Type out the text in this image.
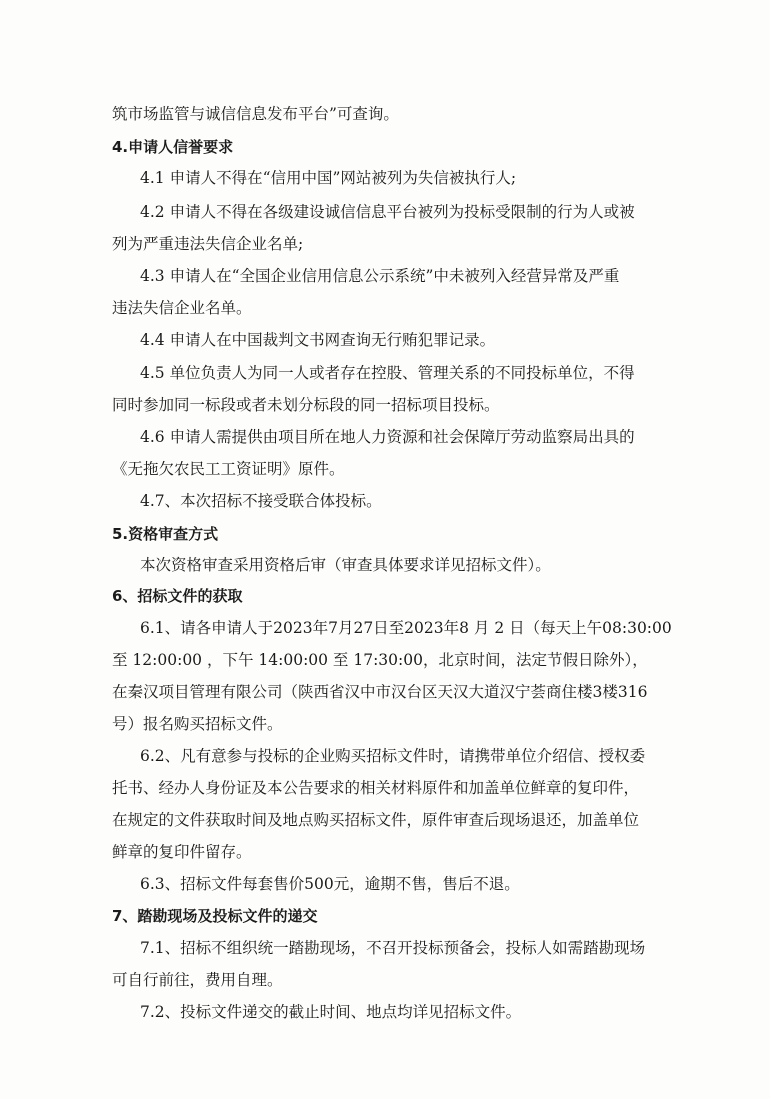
筑市场监管与诚信信息发布平台”可查询。
4.申请人信誉要求
4.1 申请人不得在“信用中国”网站被列为失信被执行人;
4.2 申请人不得在各级建设诚信信息平台被列为投标受限制的行为人或被
列为严重违法失信企业名单;
4.3 申请人在“全国企业信用信息公示系统”中未被列入经营异常及严重
违法失信企业名单。
4.4 申请人在中国裁判文书网查询无行贿犯罪记录。
4.5 单位负责人为同一人或者存在控股、管理关系的不同投标单位，不得
同时参加同一标段或者未划分标段的同一招标项目投标。
4.6 申请人需提供由项目所在地人力资源和社会保障厅劳动监察局出具的
《无拖欠农民工工资证明》原件。
4.7、本次招标不接受联合体投标。
5.资格审查方式
本次资格审查采用资格后审（审查具体要求详见招标文件）。
6、招标文件的获取
6.1、请各申请人于2023年7月27日至2023年8 月 2 日（每天上午08:30:00
至 12:00:00 ，下午 14:00:00 至 17:30:00，北京时间，法定节假日除外），
在秦汉项目管理有限公司（陕西省汉中市汉台区天汉大道汉宁荟商住楼3楼316
号）报名购买招标文件。
6.2、凡有意参与投标的企业购买招标文件时，请携带单位介绍信、授权委
托书、经办人身份证及本公告要求的相关材料原件和加盖单位鲜章的复印件，
在规定的文件获取时间及地点购买招标文件，原件审查后现场退还，加盖单位
鲜章的复印件留存。
6.3、招标文件每套售价500元，逾期不售，售后不退。
7、踏勘现场及投标文件的递交
7.1、招标不组织统一踏勘现场，不召开投标预备会，投标人如需踏勘现场
可自行前往，费用自理。
7.2、投标文件递交的截止时间、地点均详见招标文件。
